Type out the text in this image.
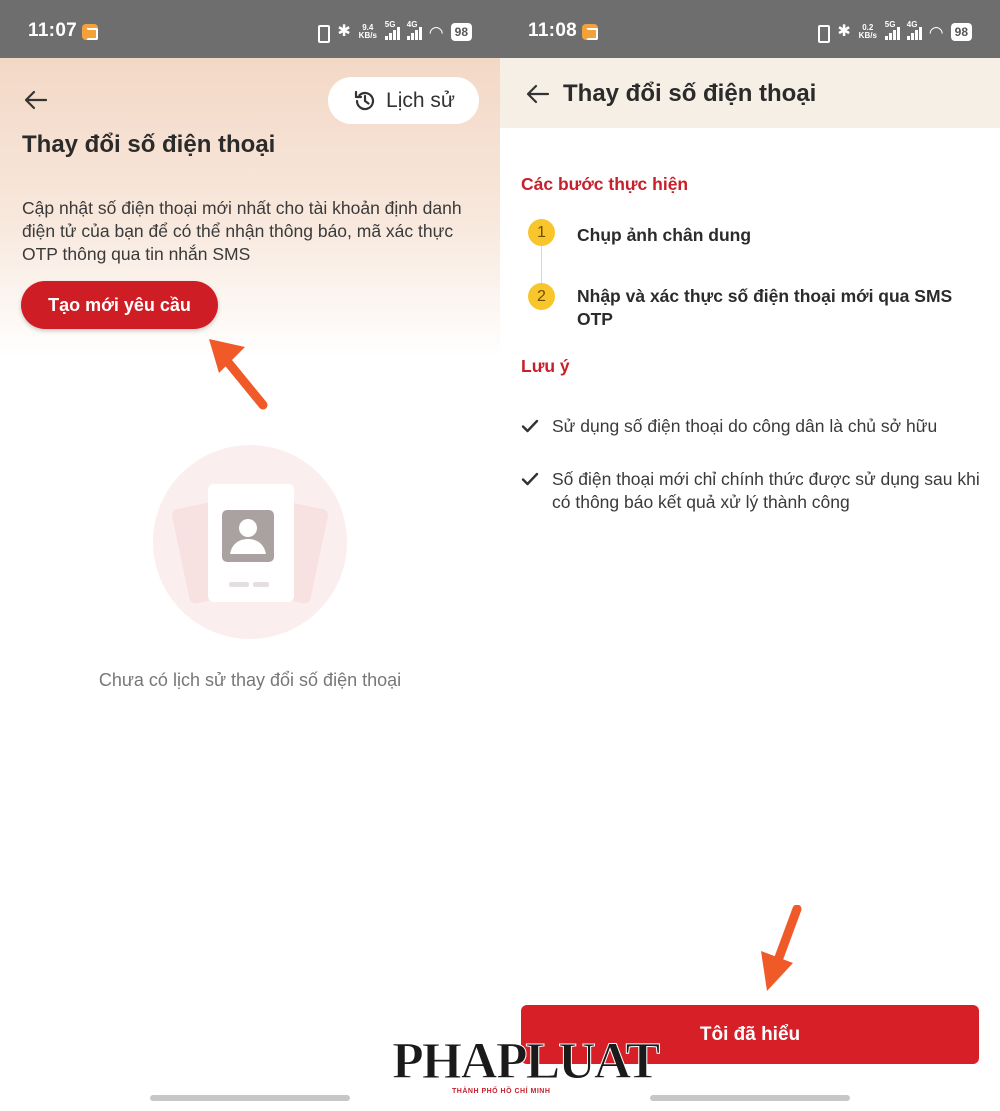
11:07	✱	9.4
KB/s
5G 4G ◠ 98
Lịch sử
Thay đổi số điện thoại
Cập nhật số điện thoại mới nhất cho tài khoản định danh điện tử của bạn để có thể nhận thông báo, mã xác thực OTP thông qua tin nhắn SMS
Tạo mới yêu cầu
Chưa có lịch sử thay đổi số điện thoại
11:08	✱	0.2
KB/s
5G 4G ◠ 98
Thay đổi số điện thoại
Các bước thực hiện
1	Chụp ảnh chân dung
2	Nhập và xác thực số điện thoại mới qua SMS OTP
Lưu ý
Sử dụng số điện thoại do công dân là chủ sở hữu
Số điện thoại mới chỉ chính thức được sử dụng sau khi có thông báo kết quả xử lý thành công
Tôi đã hiểu
PHAPLUAT
THÀNH PHỐ HỒ CHÍ MINH
